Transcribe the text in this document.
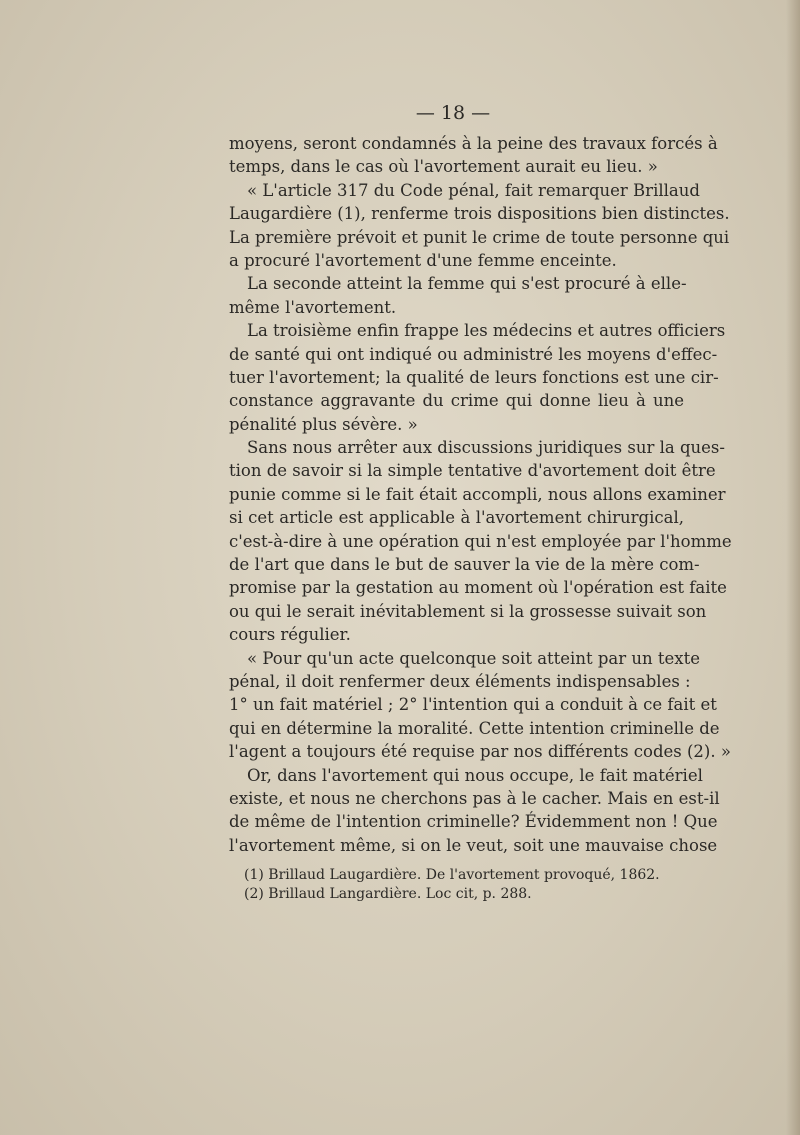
— 18 —
moyens, seront condamnés à la peine des travaux forcés à
temps, dans le cas où l'avortement aurait eu lieu. »
« L'article 317 du Code pénal, fait remarquer Brillaud
Laugardière (1), renferme trois dispositions bien distinctes.
La première prévoit et punit le crime de toute personne qui
a procuré l'avortement d'une femme enceinte.
La seconde atteint la femme qui s'est procuré à elle-
même l'avortement.
La troisième enfin frappe les médecins et autres officiers
de santé qui ont indiqué ou administré les moyens d'effec-
tuer l'avortement; la qualité de leurs fonctions est une cir-
constance aggravante du crime qui donne lieu à une
pénalité plus sévère. »
Sans nous arrêter aux discussions juridiques sur la ques-
tion de savoir si la simple tentative d'avortement doit être
punie comme si le fait était accompli, nous allons examiner
si cet article est applicable à l'avortement chirurgical,
c'est-à-dire à une opération qui n'est employée par l'homme
de l'art que dans le but de sauver la vie de la mère com-
promise par la gestation au moment où l'opération est faite
ou qui le serait inévitablement si la grossesse suivait son
cours régulier.
« Pour qu'un acte quelconque soit atteint par un texte
pénal, il doit renfermer deux éléments indispensables :
1° un fait matériel ; 2° l'intention qui a conduit à ce fait et
qui en détermine la moralité. Cette intention criminelle de
l'agent a toujours été requise par nos différents codes (2). »
Or, dans l'avortement qui nous occupe, le fait matériel
existe, et nous ne cherchons pas à le cacher. Mais en est-il
de même de l'intention criminelle? Évidemment non ! Que
l'avortement même, si on le veut, soit une mauvaise chose
(1) Brillaud Laugardière. De l'avortement provoqué, 1862.
(2) Brillaud Langardière. Loc cit, p. 288.
